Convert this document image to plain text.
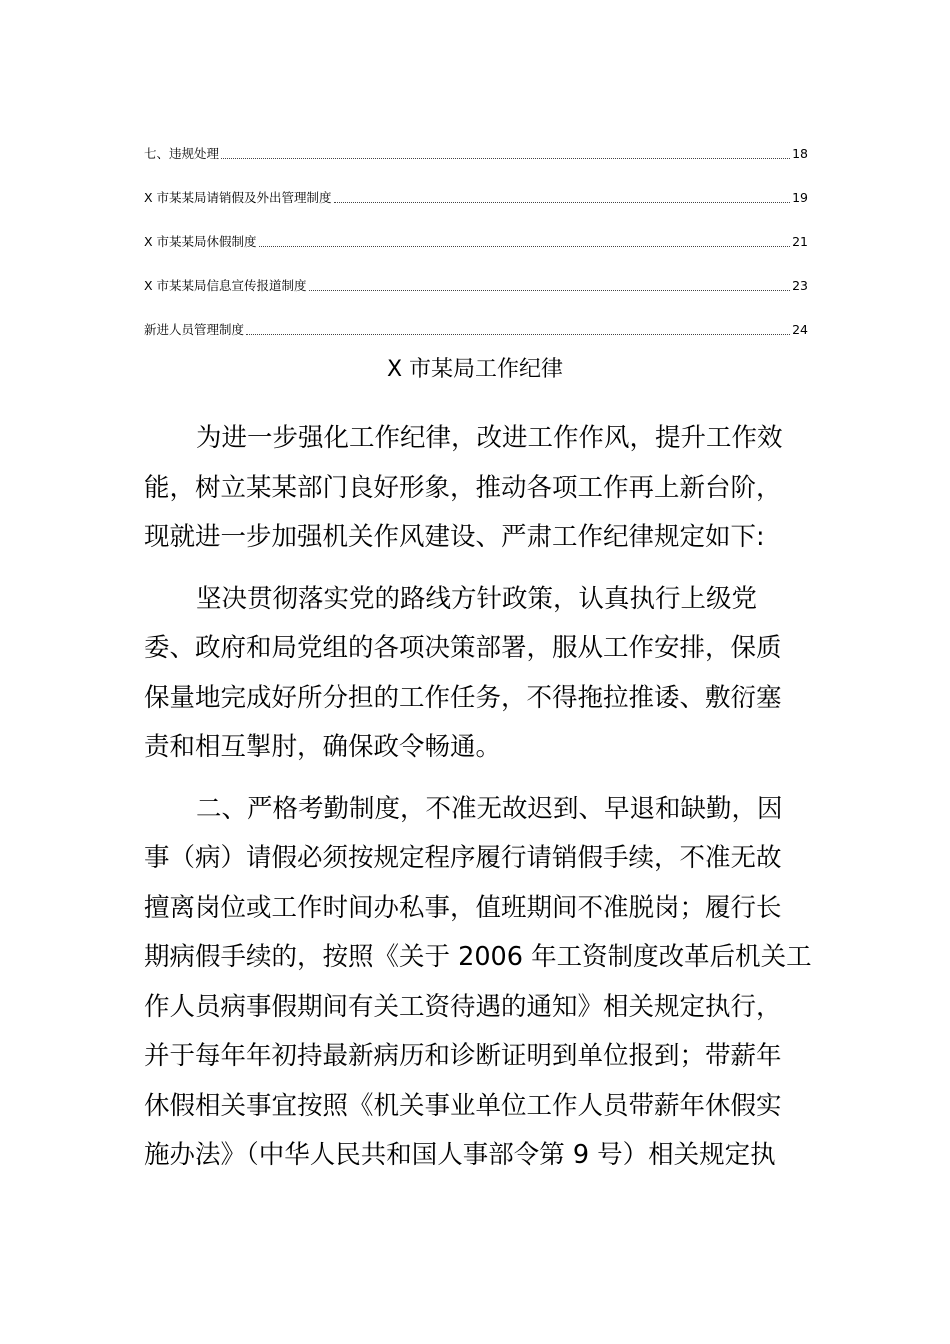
七、违规处理	18
X 市某某局请销假及外出管理制度	19
X 市某某局休假制度	21
X 市某某局信息宣传报道制度	23
新进人员管理制度	24
X 市某局工作纪律

为进一步强化工作纪律，改进工作作风，提升工作效
能，树立某某部门良好形象，推动各项工作再上新台阶，
现就进一步加强机关作风建设、严肃工作纪律规定如下:

坚决贯彻落实党的路线方针政策，认真执行上级党
委、政府和局党组的各项决策部署，服从工作安排，保质
保量地完成好所分担的工作任务，不得拖拉推诿、敷衍塞
责和相互掣肘，确保政令畅通。

二、严格考勤制度，不准无故迟到、早退和缺勤，因
事（病）请假必须按规定程序履行请销假手续，不准无故
擅离岗位或工作时间办私事，值班期间不准脱岗；履行长
期病假手续的，按照《关于 2006 年工资制度改革后机关工
作人员病事假期间有关工资待遇的通知》相关规定执行，
并于每年年初持最新病历和诊断证明到单位报到；带薪年
休假相关事宜按照《机关事业单位工作人员带薪年休假实
施办法》（中华人民共和国人事部令第 9 号）相关规定执
